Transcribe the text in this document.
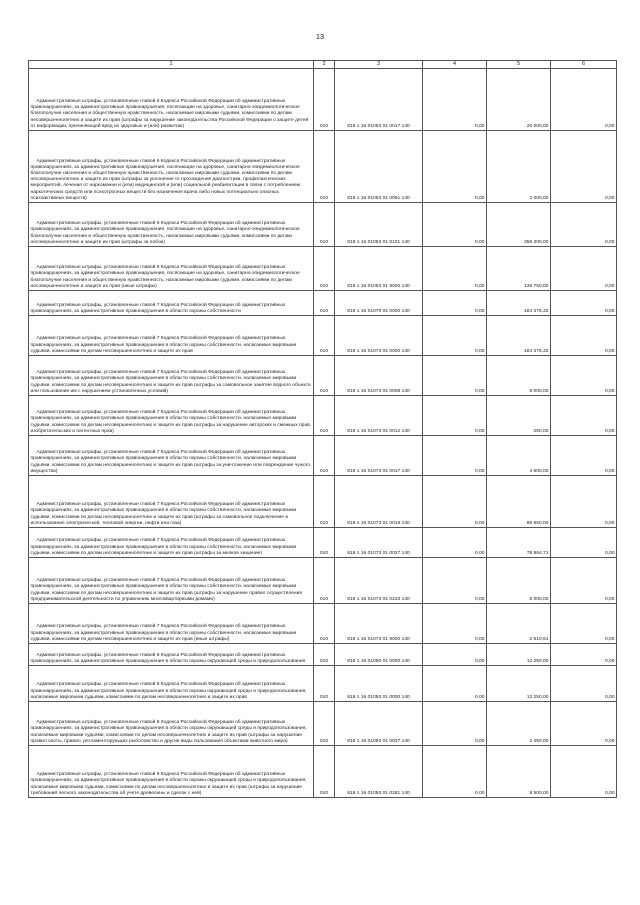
13
1	2	3	4	5	6

Административные штрафы, установленные главой 6 Кодекса Российской Федерации об административных правонарушениях, за административные правонарушения, посягающие на здоровье, санитарно-эпидемиологическое благополучие населения и общественную нравственность, налагаемые мировыми судьями, комиссиями по делам несовершеннолетних и защите их прав (штрафы за нарушение законодательства Российской Федерации о защите детей от информации, причиняющей вред их здоровью и (или) развитию)	010	818 1 16 01063 01 0017 140	0,00	20 000,00	0,00

Административные штрафы, установленные главой 6 Кодекса Российской Федерации об административных правонарушениях, за административные правонарушения, посягающие на здоровье, санитарно-эпидемиологическое благополучие населения и общественную нравственность, налагаемые мировыми судьями, комиссиями по делам несовершеннолетних и защите их прав (штрафы за уклонение от прохождения диагностики, профилактических мероприятий, лечения от наркомании и (или) медицинской и (или) социальной реабилитации в связи с потреблением наркотических средств или психотропных веществ без назначения врача либо новых потенциально опасных психоактивных веществ)	010	818 1 16 01063 01 0091 140	0,00	2 000,00	0,00

Административные штрафы, установленные главой 6 Кодекса Российской Федерации об административных правонарушениях, за административные правонарушения, посягающие на здоровье, санитарно-эпидемиологическое благополучие населения и общественную нравственность, налагаемые мировыми судьями, комиссиями по делам несовершеннолетних и защите их прав (штрафы за побои)	010	818 1 16 01063 01 0101 140	0,00	359 300,00	0,00

Административные штрафы, установленные главой 6 Кодекса Российской Федерации об административных правонарушениях, за административные правонарушения, посягающие на здоровье, санитарно-эпидемиологическое благополучие населения и общественную нравственность, налагаемые мировыми судьями, комиссиями по делам несовершеннолетних и защите их прав (иные штрафы)	010	818 1 16 01063 01 9000 140	0,00	136 750,00	0,00

Административные штрафы, установленные главой 7 Кодекса Российской Федерации об административных правонарушениях, за административные правонарушения в области охраны собственности	010	818 1 16 01070 01 0000 140	0,00	184 375,32	0,00

Административные штрафы, установленные главой 7 Кодекса Российской Федерации об административных правонарушениях, за административные правонарушения в области охраны собственности, налагаемые мировыми судьями, комиссиями по делам несовершеннолетних и защите их прав	010	818 1 16 01073 01 0000 140	0,00	184 375,32	0,00

Административные штрафы, установленные главой 7 Кодекса Российской Федерации об административных правонарушениях, за административные правонарушения в области охраны собственности, налагаемые мировыми судьями, комиссиями по делам несовершеннолетних и защите их прав (штрафы за самовольное занятие водного объекта или пользование им с нарушением установленных условий)	010	818 1 16 01073 01 0008 140	0,00	6 000,00	0,00

Административные штрафы, установленные главой 7 Кодекса Российской Федерации об административных правонарушениях, за административные правонарушения в области охраны собственности, налагаемые мировыми судьями, комиссиями по делам несовершеннолетних и защите их прав (штрафы за нарушение авторских и смежных прав, изобретательских и патентных прав)	010	818 1 16 01073 01 0012 140	0,00	250,00	0,00

Административные штрафы, установленные главой 7 Кодекса Российской Федерации об административных правонарушениях, за административные правонарушения в области охраны собственности, налагаемые мировыми судьями, комиссиями по делам несовершеннолетних и защите их прав (штрафы за уничтожение или повреждение чужого имущества)	010	818 1 16 01073 01 0017 140	0,00	4 600,00	0,00

Административные штрафы, установленные главой 7 Кодекса Российской Федерации об административных правонарушениях, за административные правонарушения в области охраны собственности, налагаемые мировыми судьями, комиссиями по делам несовершеннолетних и защите их прав (штрафы за самовольное подключение и использование электрической, тепловой энергии, нефти или газа)	010	818 1 16 01073 01 0019 140	0,00	86 650,00	0,00

Административные штрафы, установленные главой 7 Кодекса Российской Федерации об административных правонарушениях, за административные правонарушения в области охраны собственности, налагаемые мировыми судьями, комиссиями по делам несовершеннолетних и защите их прав (штрафы за мелкое хищение)	010	818 1 16 01073 01 0027 140	0,00	78 864,71	0,00

Административные штрафы, установленные главой 7 Кодекса Российской Федерации об административных правонарушениях, за административные правонарушения в области охраны собственности, налагаемые мировыми судьями, комиссиями по делам несовершеннолетних и защите их прав (штрафы за нарушение правил осуществления предпринимательской деятельности по управлению многоквартирными домами)	010	818 1 16 01073 01 0233 140	0,00	5 000,00	0,00

Административные штрафы, установленные главой 7 Кодекса Российской Федерации об административных правонарушениях, за административные правонарушения в области охраны собственности, налагаемые мировыми судьями, комиссиями по делам несовершеннолетних и защите их прав (иные штрафы)	010	818 1 16 01073 01 9000 140	0,00	2 610,61	0,00

Административные штрафы, установленные главой 8 Кодекса Российской Федерации об административных правонарушениях, за административные правонарушения в области охраны окружающей среды и природопользования	010	818 1 16 01080 01 0000 140	0,00	12 250,00	0,00

Административные штрафы, установленные главой 8 Кодекса Российской Федерации об административных правонарушениях, за административные правонарушения в области охраны окружающей среды и природопользования, налагаемые мировыми судьями, комиссиями по делам несовершеннолетних и защите их прав	010	818 1 16 01083 01 0000 140	0,00	12 250,00	0,00

Административные штрафы, установленные главой 8 Кодекса Российской Федерации об административных правонарушениях, за административные правонарушения в области охраны окружающей среды и природопользования, налагаемые мировыми судьями, комиссиями по делам несовершеннолетних и защите их прав (штрафы за нарушение правил охоты, правил, регламентирующих рыболовство и другие виды пользования объектами животного мира)	010	818 1 16 01083 01 0037 140	0,00	2 250,00	0,00

Административные штрафы, установленные главой 8 Кодекса Российской Федерации об административных правонарушениях, за административные правонарушения в области охраны окружающей среды и природопользования, налагаемые мировыми судьями, комиссиями по делам несовершеннолетних и защите их прав (штрафы за нарушение требований лесного законодательства об учете древесины и сделок с ней)	010	818 1 16 01083 01 0281 140	0,00	8 500,00	0,00
